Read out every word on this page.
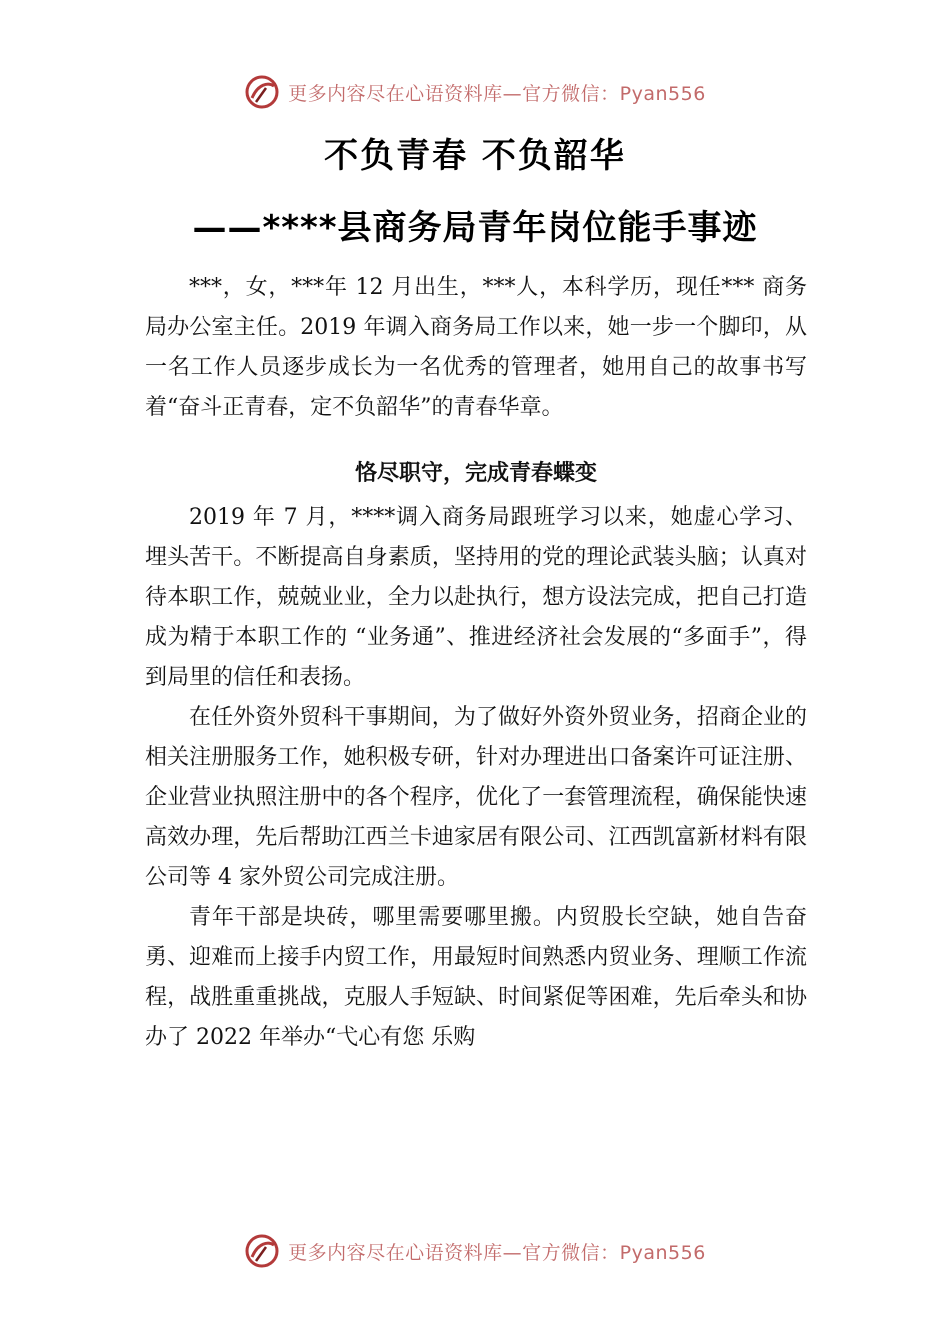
更多内容尽在心语资料库—官方微信：Pyan556
不负青春 不负韶华
——****县商务局青年岗位能手事迹

***，女，***年 12 月出生，***人，本科学历，现任*** 商务局办公室主任。2019 年调入商务局工作以来，她一步一个脚印，从一名工作人员逐步成长为一名优秀的管理者，她用自己的故事书写着“奋斗正青春，定不负韶华”的青春华章。

恪尽职守，完成青春蝶变

2019 年 7 月，****调入商务局跟班学习以来，她虚心学习、埋头苦干。不断提高自身素质，坚持用的党的理论武装头脑；认真对待本职工作，兢兢业业，全力以赴执行，想方设法完成，把自己打造成为精于本职工作的 “业务通”、推进经济社会发展的“多面手”，得到局里的信任和表扬。

在任外资外贸科干事期间，为了做好外资外贸业务，招商企业的相关注册服务工作，她积极专研，针对办理进出口备案许可证注册、企业营业执照注册中的各个程序，优化了一套管理流程，确保能快速高效办理，先后帮助江西兰卡迪家居有限公司、江西凯富新材料有限公司等 4 家外贸公司完成注册。

青年干部是块砖，哪里需要哪里搬。内贸股长空缺，她自告奋勇、迎难而上接手内贸工作，用最短时间熟悉内贸业务、理顺工作流程，战胜重重挑战，克服人手短缺、时间紧促等困难，先后牵头和协办了 2022 年举办“弋心有您 乐购

更多内容尽在心语资料库—官方微信：Pyan556
